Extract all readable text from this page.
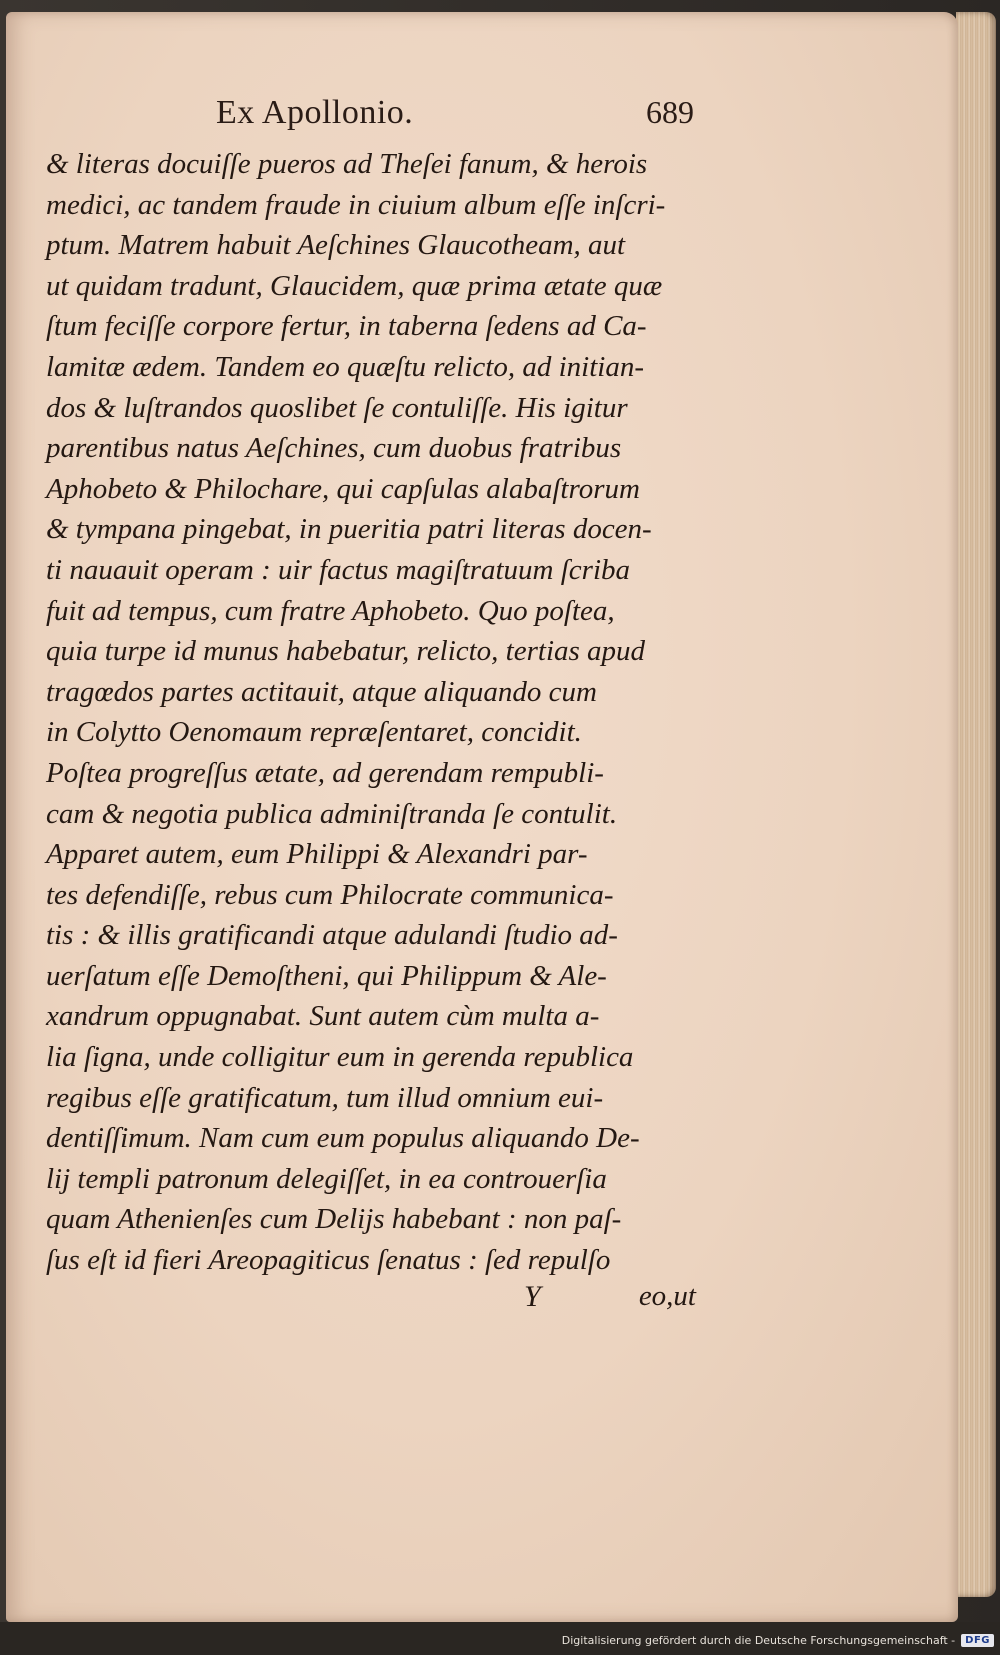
Ex Apollonio.	689
& literas docuiſſe pueros ad Theſei fanum, & herois
medici, ac tandem fraude in ciuium album eſſe inſcri-
ptum. Matrem habuit Aeſchines Glaucotheam, aut
ut quidam tradunt, Glaucidem, quæ prima ætate quæ
ſtum feciſſe corpore fertur, in taberna ſedens ad Ca-
lamitæ ædem. Tandem eo quæſtu relicto, ad initian-
dos & luſtrandos quoslibet ſe contuliſſe. His igitur
parentibus natus Aeſchines, cum duobus fratribus
Aphobeto & Philochare, qui capſulas alabaſtrorum
& tympana pingebat, in pueritia patri literas docen-
ti nauauit operam : uir factus magiſtratuum ſcriba
fuit ad tempus, cum fratre Aphobeto. Quo poſtea,
quia turpe id munus habebatur, relicto, tertias apud
tragœdos partes actitauit, atque aliquando cum
in Colytto Oenomaum repræſentaret, concidit.
Poſtea progreſſus ætate, ad gerendam rempubli-
cam & negotia publica adminiſtranda ſe contulit.
Apparet autem, eum Philippi & Alexandri par-
tes defendiſſe, rebus cum Philocrate communica-
tis : & illis gratificandi atque adulandi ſtudio ad-
uerſatum eſſe Demoſtheni, qui Philippum & Ale-
xandrum oppugnabat. Sunt autem cùm multa a-
lia ſigna, unde colligitur eum in gerenda republica
regibus eſſe gratificatum, tum illud omnium eui-
dentiſſimum. Nam cum eum populus aliquando De-
lij templi patronum delegiſſet, in ea controuerſia
quam Athenienſes cum Delijs habebant : non paſ-
ſus eſt id fieri Areopagiticus ſenatus : ſed repulſo
Y	eo,ut
Digitalisierung gefördert durch die Deutsche Forschungsgemeinschaft -	DFG
